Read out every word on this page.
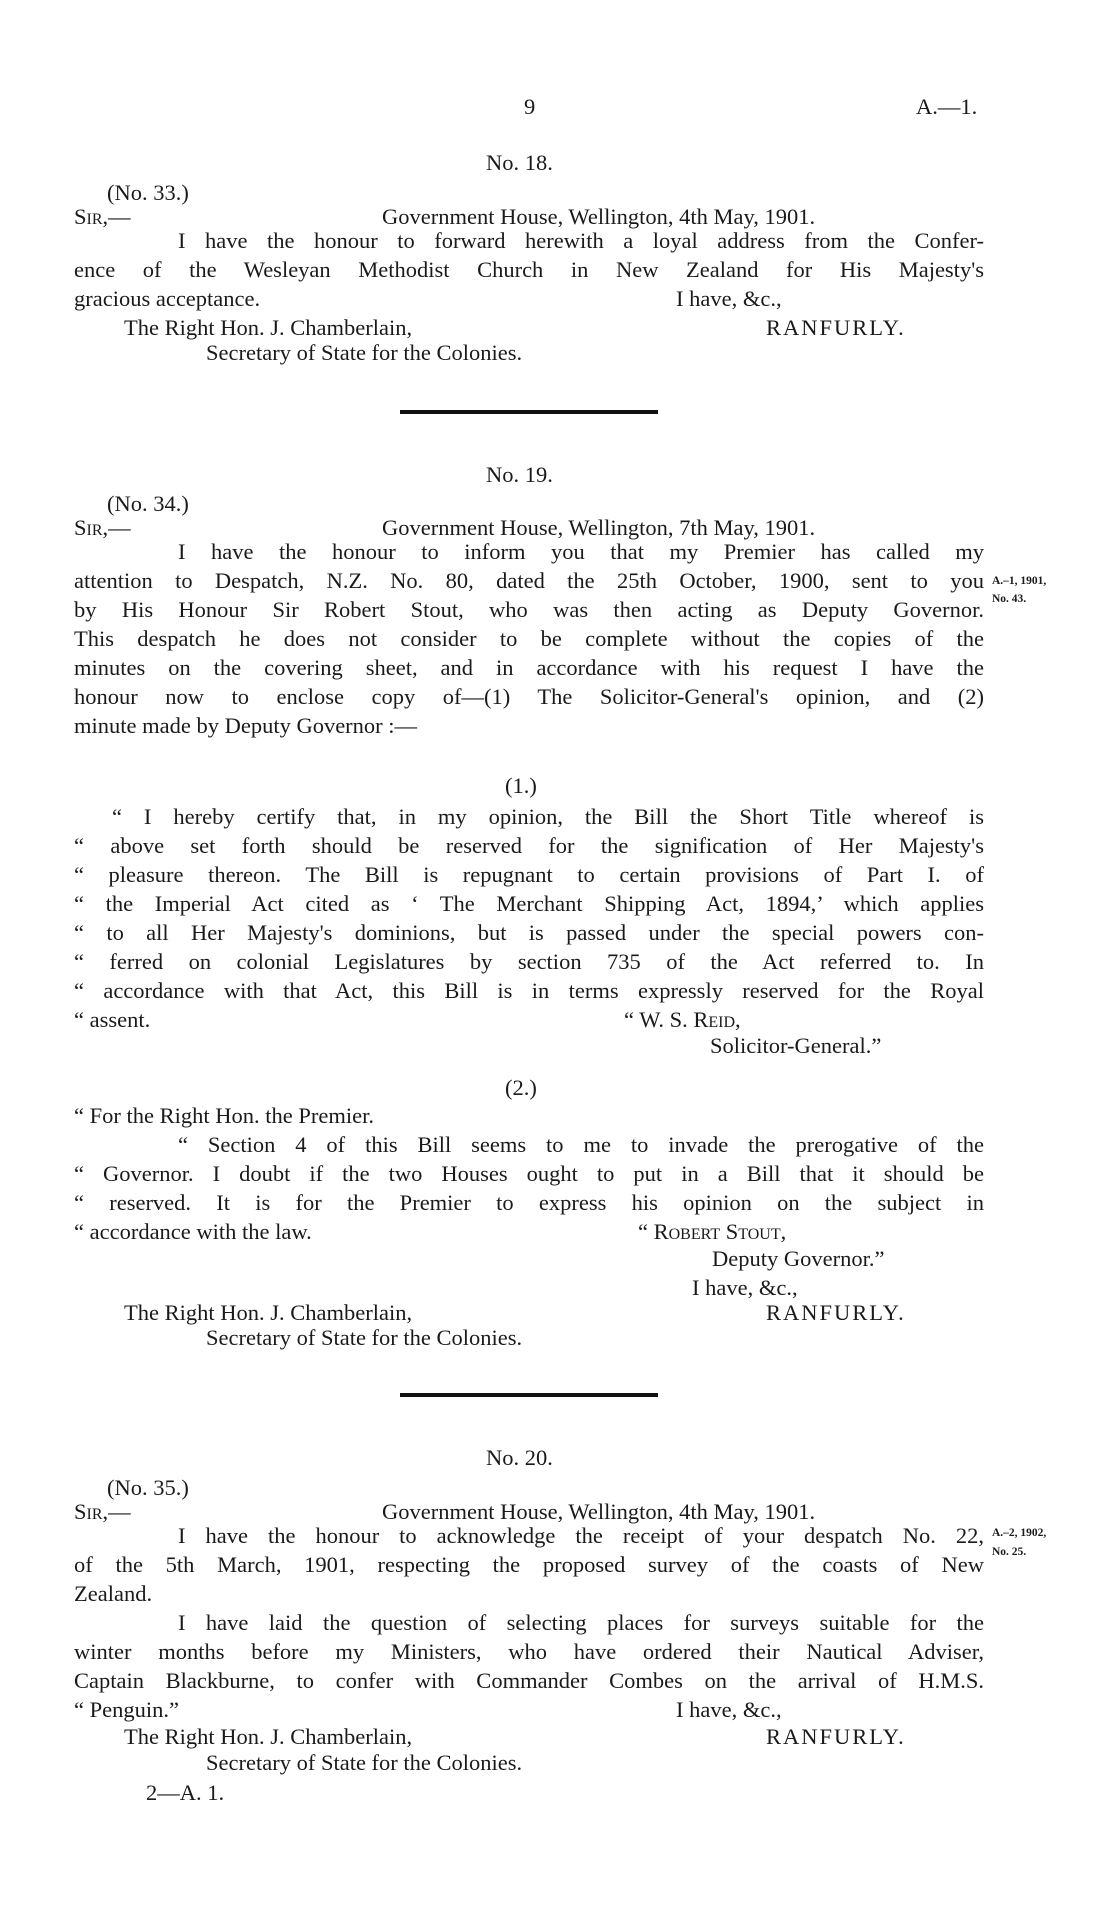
9	A.—1.
No. 18.
(No. 33.)
Sir,—	Government House, Wellington, 4th May, 1901.
I have the honour to forward herewith a loyal address from the Confer-
ence of the Wesleyan Methodist Church in New Zealand for His Majesty's
gracious acceptance.	I have, &c.,
The Right Hon. J. Chamberlain,	RANFURLY.
Secretary of State for the Colonies.
No. 19.
(No. 34.)
Sir,—	Government House, Wellington, 7th May, 1901.
I have the honour to inform you that my Premier has called my
attention to Despatch, N.Z. No. 80, dated the 25th October, 1900, sent to you
by His Honour Sir Robert Stout, who was then acting as Deputy Governor.
This despatch he does not consider to be complete without the copies of the
minutes on the covering sheet, and in accordance with his request I have the
honour now to enclose copy of—(1) The Solicitor-General's opinion, and (2)
minute made by Deputy Governor :—
A.–1, 1901,
No. 43.
(1.)
“ I hereby certify that, in my opinion, the Bill the Short Title whereof is
“ above set forth should be reserved for the signification of Her Majesty's
“ pleasure thereon. The Bill is repugnant to certain provisions of Part I. of
“ the Imperial Act cited as ‘ The Merchant Shipping Act, 1894,’ which applies
“ to all Her Majesty's dominions, but is passed under the special powers con-
“ ferred on colonial Legislatures by section 735 of the Act referred to. In
“ accordance with that Act, this Bill is in terms expressly reserved for the Royal
“ assent.	“ W. S. Reid,
Solicitor-General.”
(2.)
“ For the Right Hon. the Premier.
“ Section 4 of this Bill seems to me to invade the prerogative of the
“ Governor. I doubt if the two Houses ought to put in a Bill that it should be
“ reserved. It is for the Premier to express his opinion on the subject in
“ accordance with the law.	“ Robert Stout,
Deputy Governor.”
I have, &c.,
The Right Hon. J. Chamberlain,	RANFURLY.
Secretary of State for the Colonies.
No. 20.
(No. 35.)
Sir,—	Government House, Wellington, 4th May, 1901.
I have the honour to acknowledge the receipt of your despatch No. 22,
of the 5th March, 1901, respecting the proposed survey of the coasts of New
Zealand.
A.–2, 1902,
No. 25.
I have laid the question of selecting places for surveys suitable for the
winter months before my Ministers, who have ordered their Nautical Adviser,
Captain Blackburne, to confer with Commander Combes on the arrival of H.M.S.
“ Penguin.”	I have, &c.,
The Right Hon. J. Chamberlain,	RANFURLY.
Secretary of State for the Colonies.
2—A. 1.
